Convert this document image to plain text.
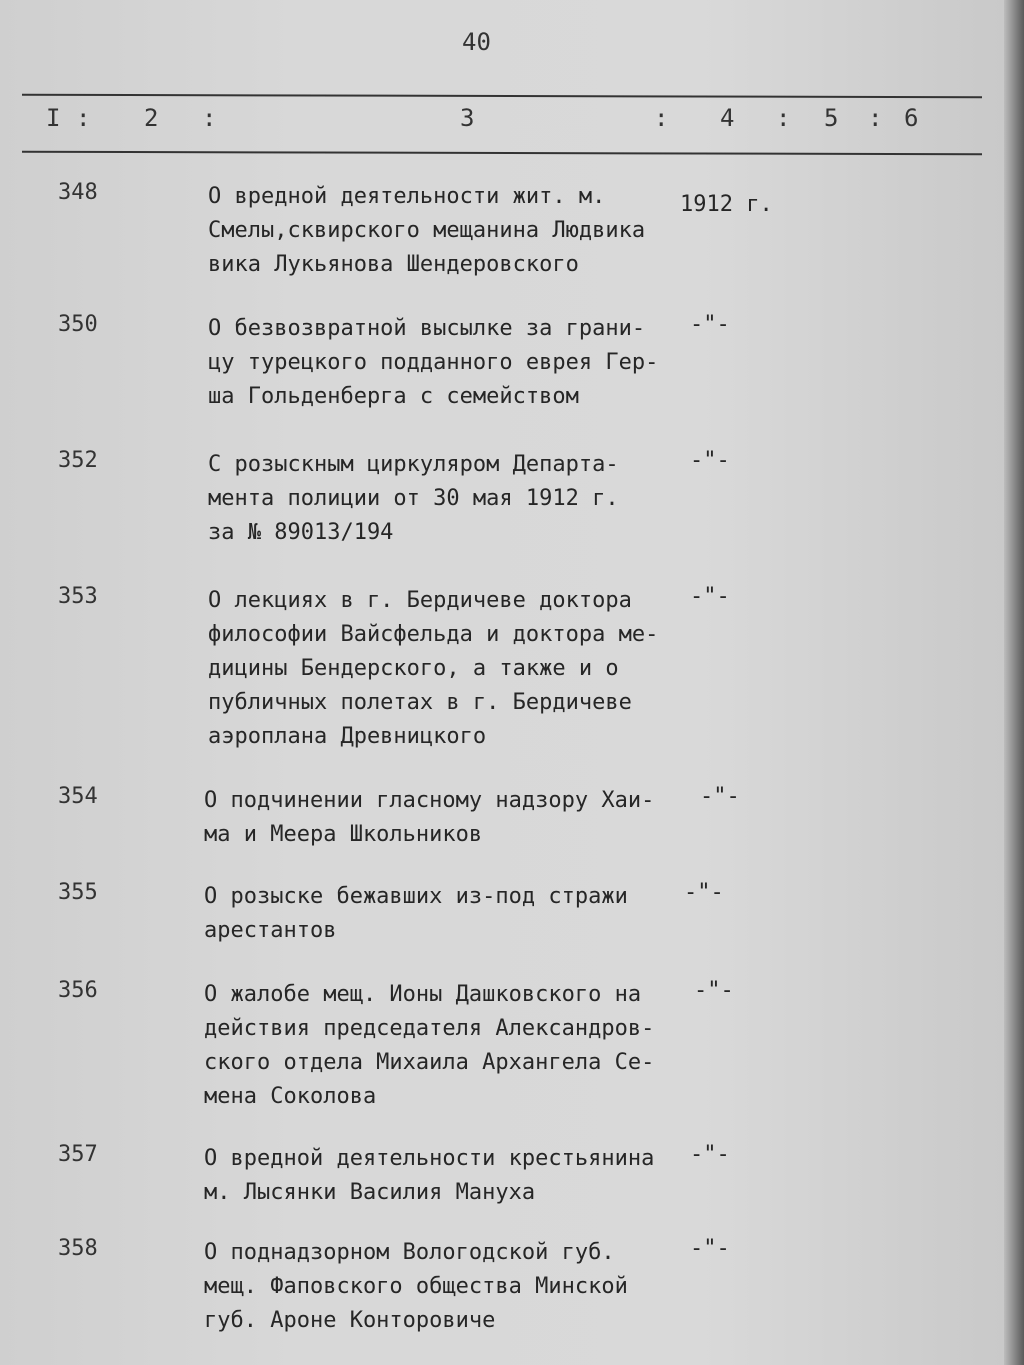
40
I : 2 :	3	: 4 : 5 : 6
348	О вредной деятельности жит. м.
Смелы,сквирского мещанина Людвика
вика Лукьянова Шендеровского
1912 г.
350	О безвозвратной высылке за грани-
цу турецкого подданного еврея Гер-
ша Гольденберга с семейством
-"-
352	С розыскным циркуляром Департа-
мента полиции от 30 мая 1912 г.
за № 89013/194
-"-
353	О лекциях в г. Бердичеве доктора
философии Вайсфельда и доктора ме-
дицины Бендерского, а также и о
публичных полетах в г. Бердичеве
аэроплана Древницкого
-"-
354	О подчинении гласному надзору Хаи-
ма и Меера Школьников
-"-
355	О розыске бежавших из-под стражи
арестантов
-"-
356	О жалобе мещ. Ионы Дашковского на
действия председателя Александров-
ского отдела Михаила Архангела Се-
мена Соколова
-"-
357	О вредной деятельности крестьянина
м. Лысянки Василия Мануха
-"-
358	О поднадзорном Вологодской губ.
мещ. Фаповского общества Минской
губ. Ароне Конторовиче
-"-
